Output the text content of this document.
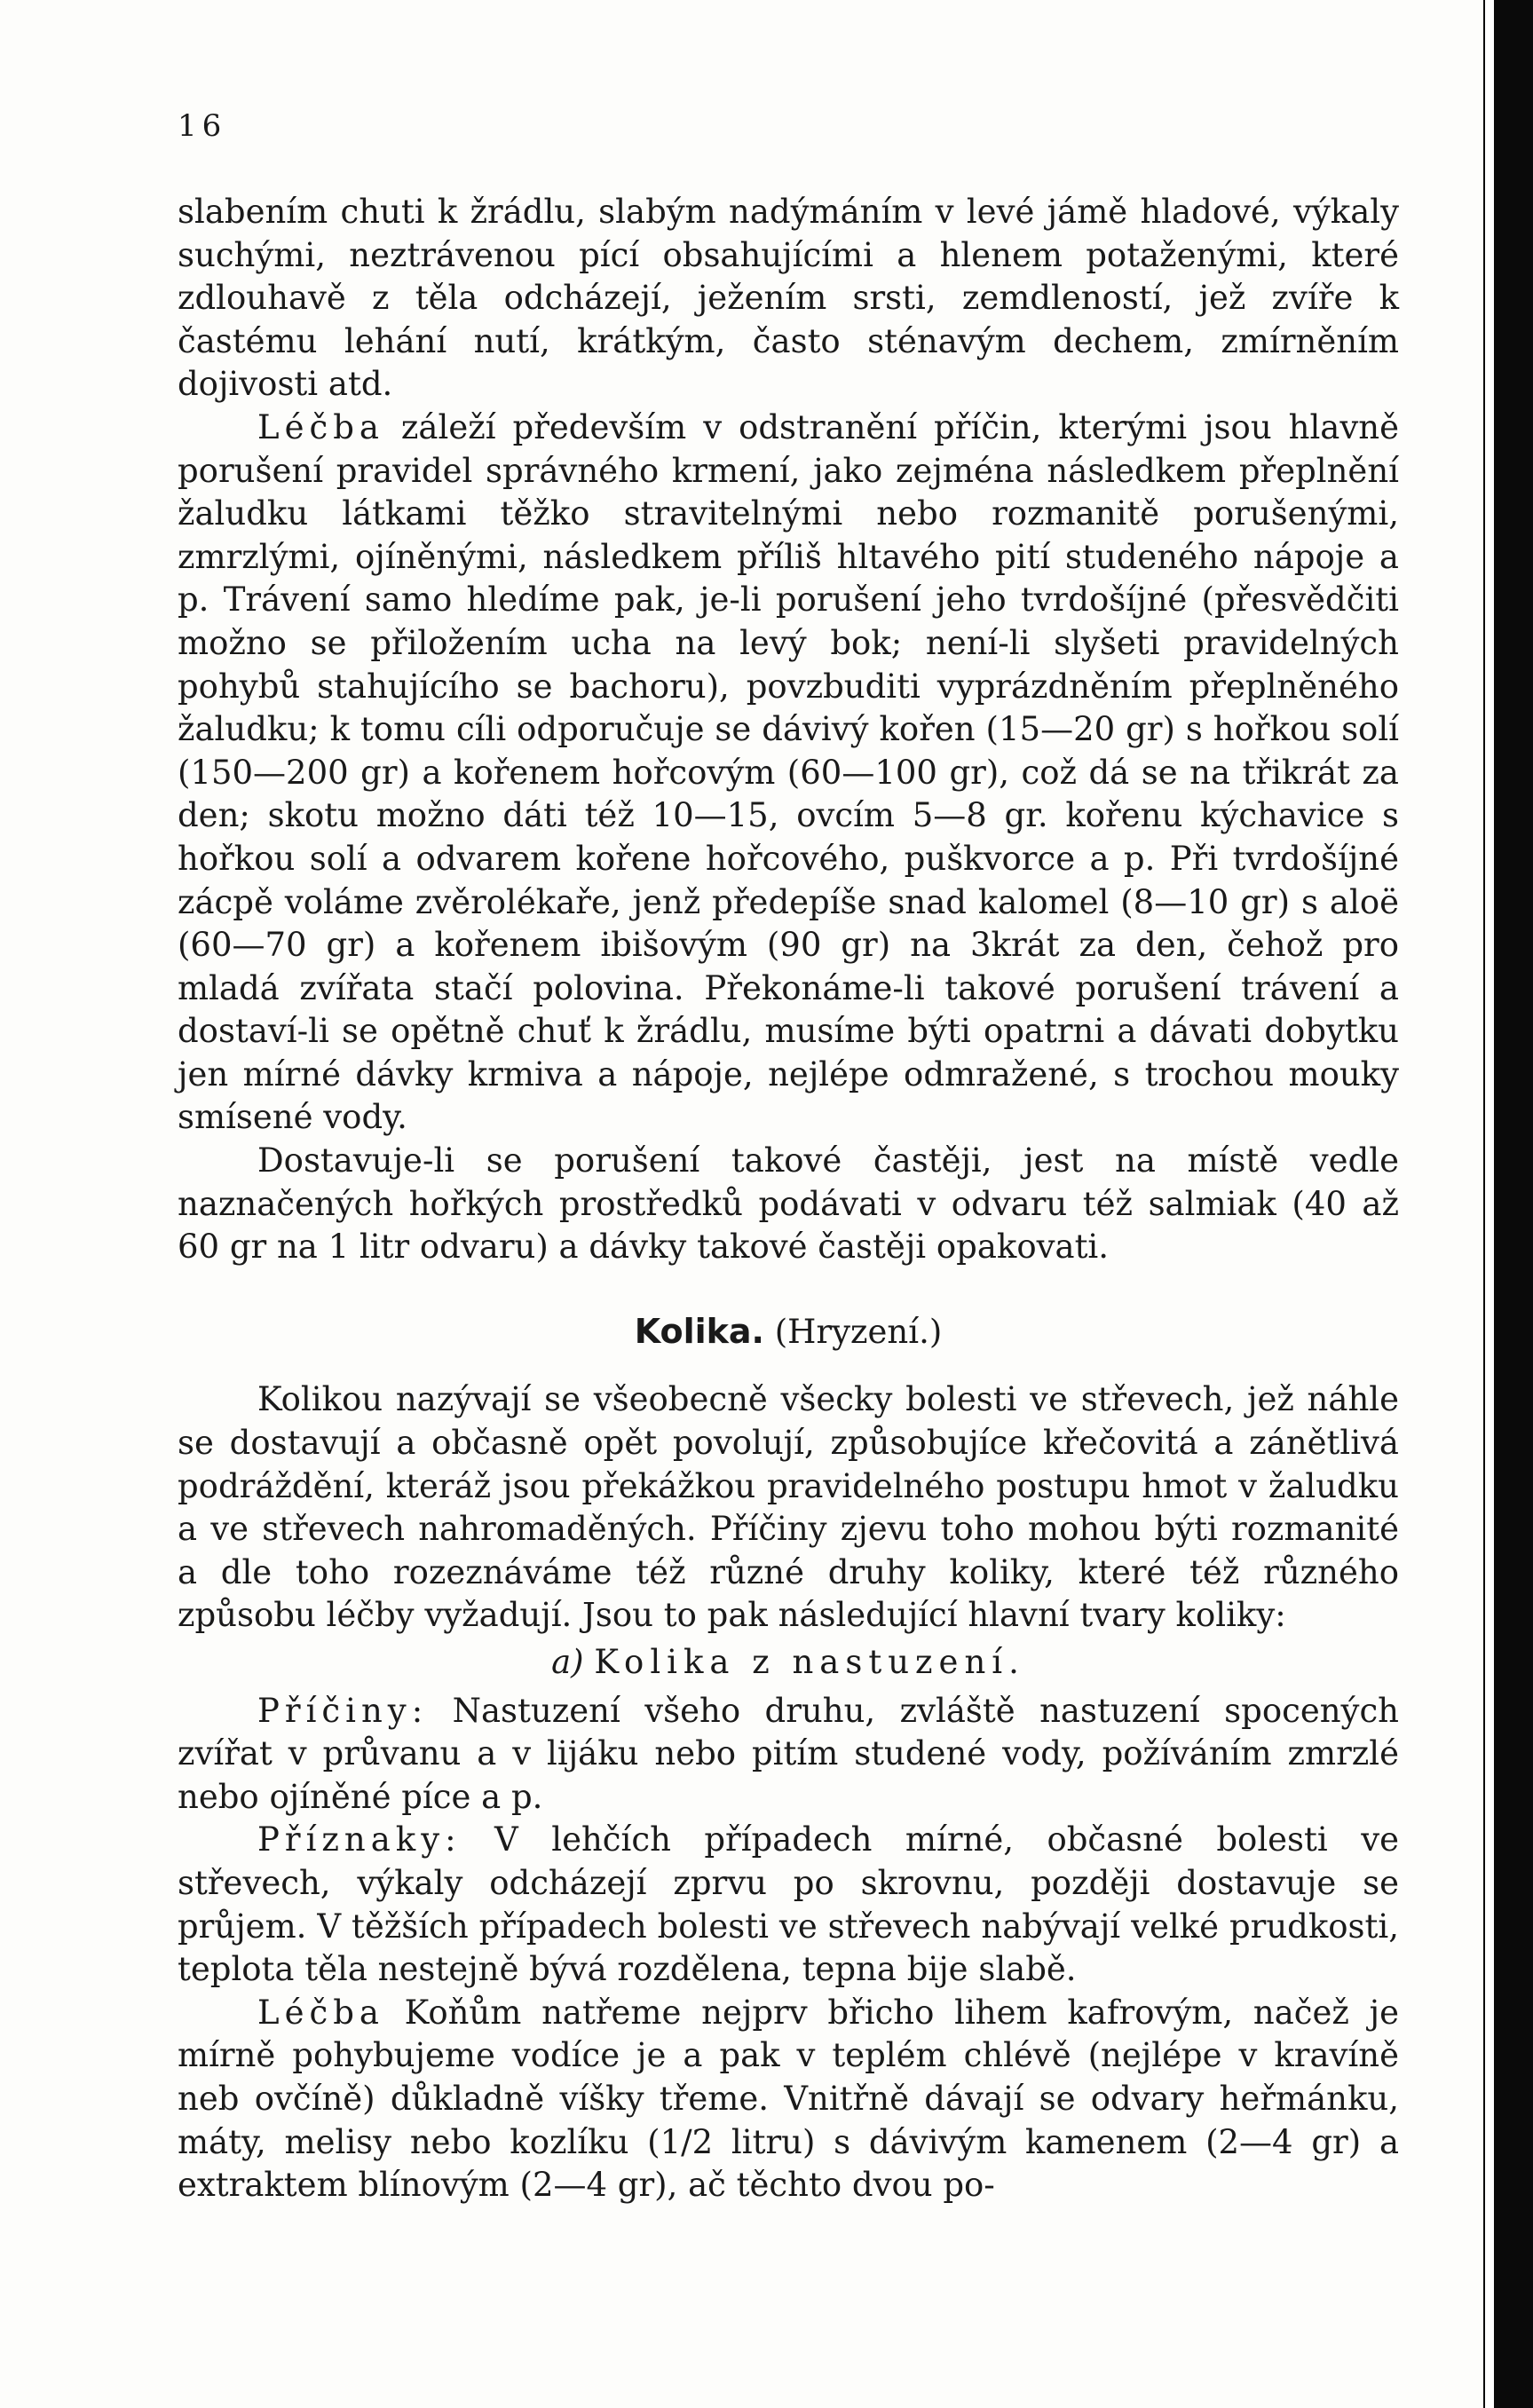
16

slabením chuti k žrádlu, slabým nadýmáním v levé jámě hladové, výkaly suchými, neztrávenou pící obsahujícími a hlenem potaženými, které zdlouhavě z těla odcházejí, ježením srsti, zemdleností, jež zvíře k častému lehání nutí, krátkým, často sténavým dechem, zmírněním dojivosti atd.

Léčba záleží především v odstranění příčin, kterými jsou hlavně porušení pravidel správného krmení, jako zejména následkem přeplnění žaludku látkami těžko stravitelnými nebo rozmanitě porušenými, zmrzlými, ojíněnými, následkem příliš hltavého pití studeného nápoje a p. Trávení samo hledíme pak, je-li porušení jeho tvrdošíjné (přesvědčiti možno se přiložením ucha na levý bok; není-li slyšeti pravidelných pohybů stahujícího se bachoru), povzbuditi vyprázdněním přeplněného žaludku; k tomu cíli odporučuje se dávivý kořen (15—20 gr) s hořkou solí (150—200 gr) a kořenem hořcovým (60—100 gr), což dá se na třikrát za den; skotu možno dáti též 10—15, ovcím 5—8 gr. kořenu kýchavice s hořkou solí a odvarem kořene hořcového, puškvorce a p. Při tvrdošíjné zácpě voláme zvěrolékaře, jenž předepíše snad kalomel (8—10 gr) s aloë (60—70 gr) a kořenem ibišovým (90 gr) na 3krát za den, čehož pro mladá zvířata stačí polovina. Překonáme-li takové porušení trávení a dostaví-li se opětně chuť k žrádlu, musíme býti opatrni a dávati dobytku jen mírné dávky krmiva a nápoje, nejlépe odmražené, s trochou mouky smísené vody.

Dostavuje-li se porušení takové častěji, jest na místě vedle naznačených hořkých prostředků podávati v odvaru též salmiak (40 až 60 gr na 1 litr odvaru) a dávky takové častěji opakovati.

Kolika. (Hryzení.)

Kolikou nazývají se všeobecně všecky bolesti ve střevech, jež náhle se dostavují a občasně opět povolují, způsobujíce křečovitá a zánětlivá podráždění, kteráž jsou překážkou pravidelného postupu hmot v žaludku a ve střevech nahromaděných. Příčiny zjevu toho mohou býti rozmanité a dle toho rozeznáváme též různé druhy koliky, které též různého způsobu léčby vyžadují. Jsou to pak následující hlavní tvary koliky:

a) Kolika z nastuzení.

Příčiny: Nastuzení všeho druhu, zvláště nastuzení spocených zvířat v průvanu a v lijáku nebo pitím studené vody, požíváním zmrzlé nebo ojíněné píce a p.

Příznaky: V lehčích případech mírné, občasné bolesti ve střevech, výkaly odcházejí zprvu po skrovnu, později dostavuje se průjem. V těžších případech bolesti ve střevech nabývají velké prudkosti, teplota těla nestejně bývá rozdělena, tepna bije slabě.

Léčba Koňům natřeme nejprv břicho lihem kafrovým, načež je mírně pohybujeme vodíce je a pak v teplém chlévě (nejlépe v kravíně neb ovčíně) důkladně víšky třeme. Vnitřně dávají se odvary heřmánku, máty, melisy nebo kozlíku (1/2 litru) s dávivým kamenem (2—4 gr) a extraktem blínovým (2—4 gr), ač těchto dvou po-
